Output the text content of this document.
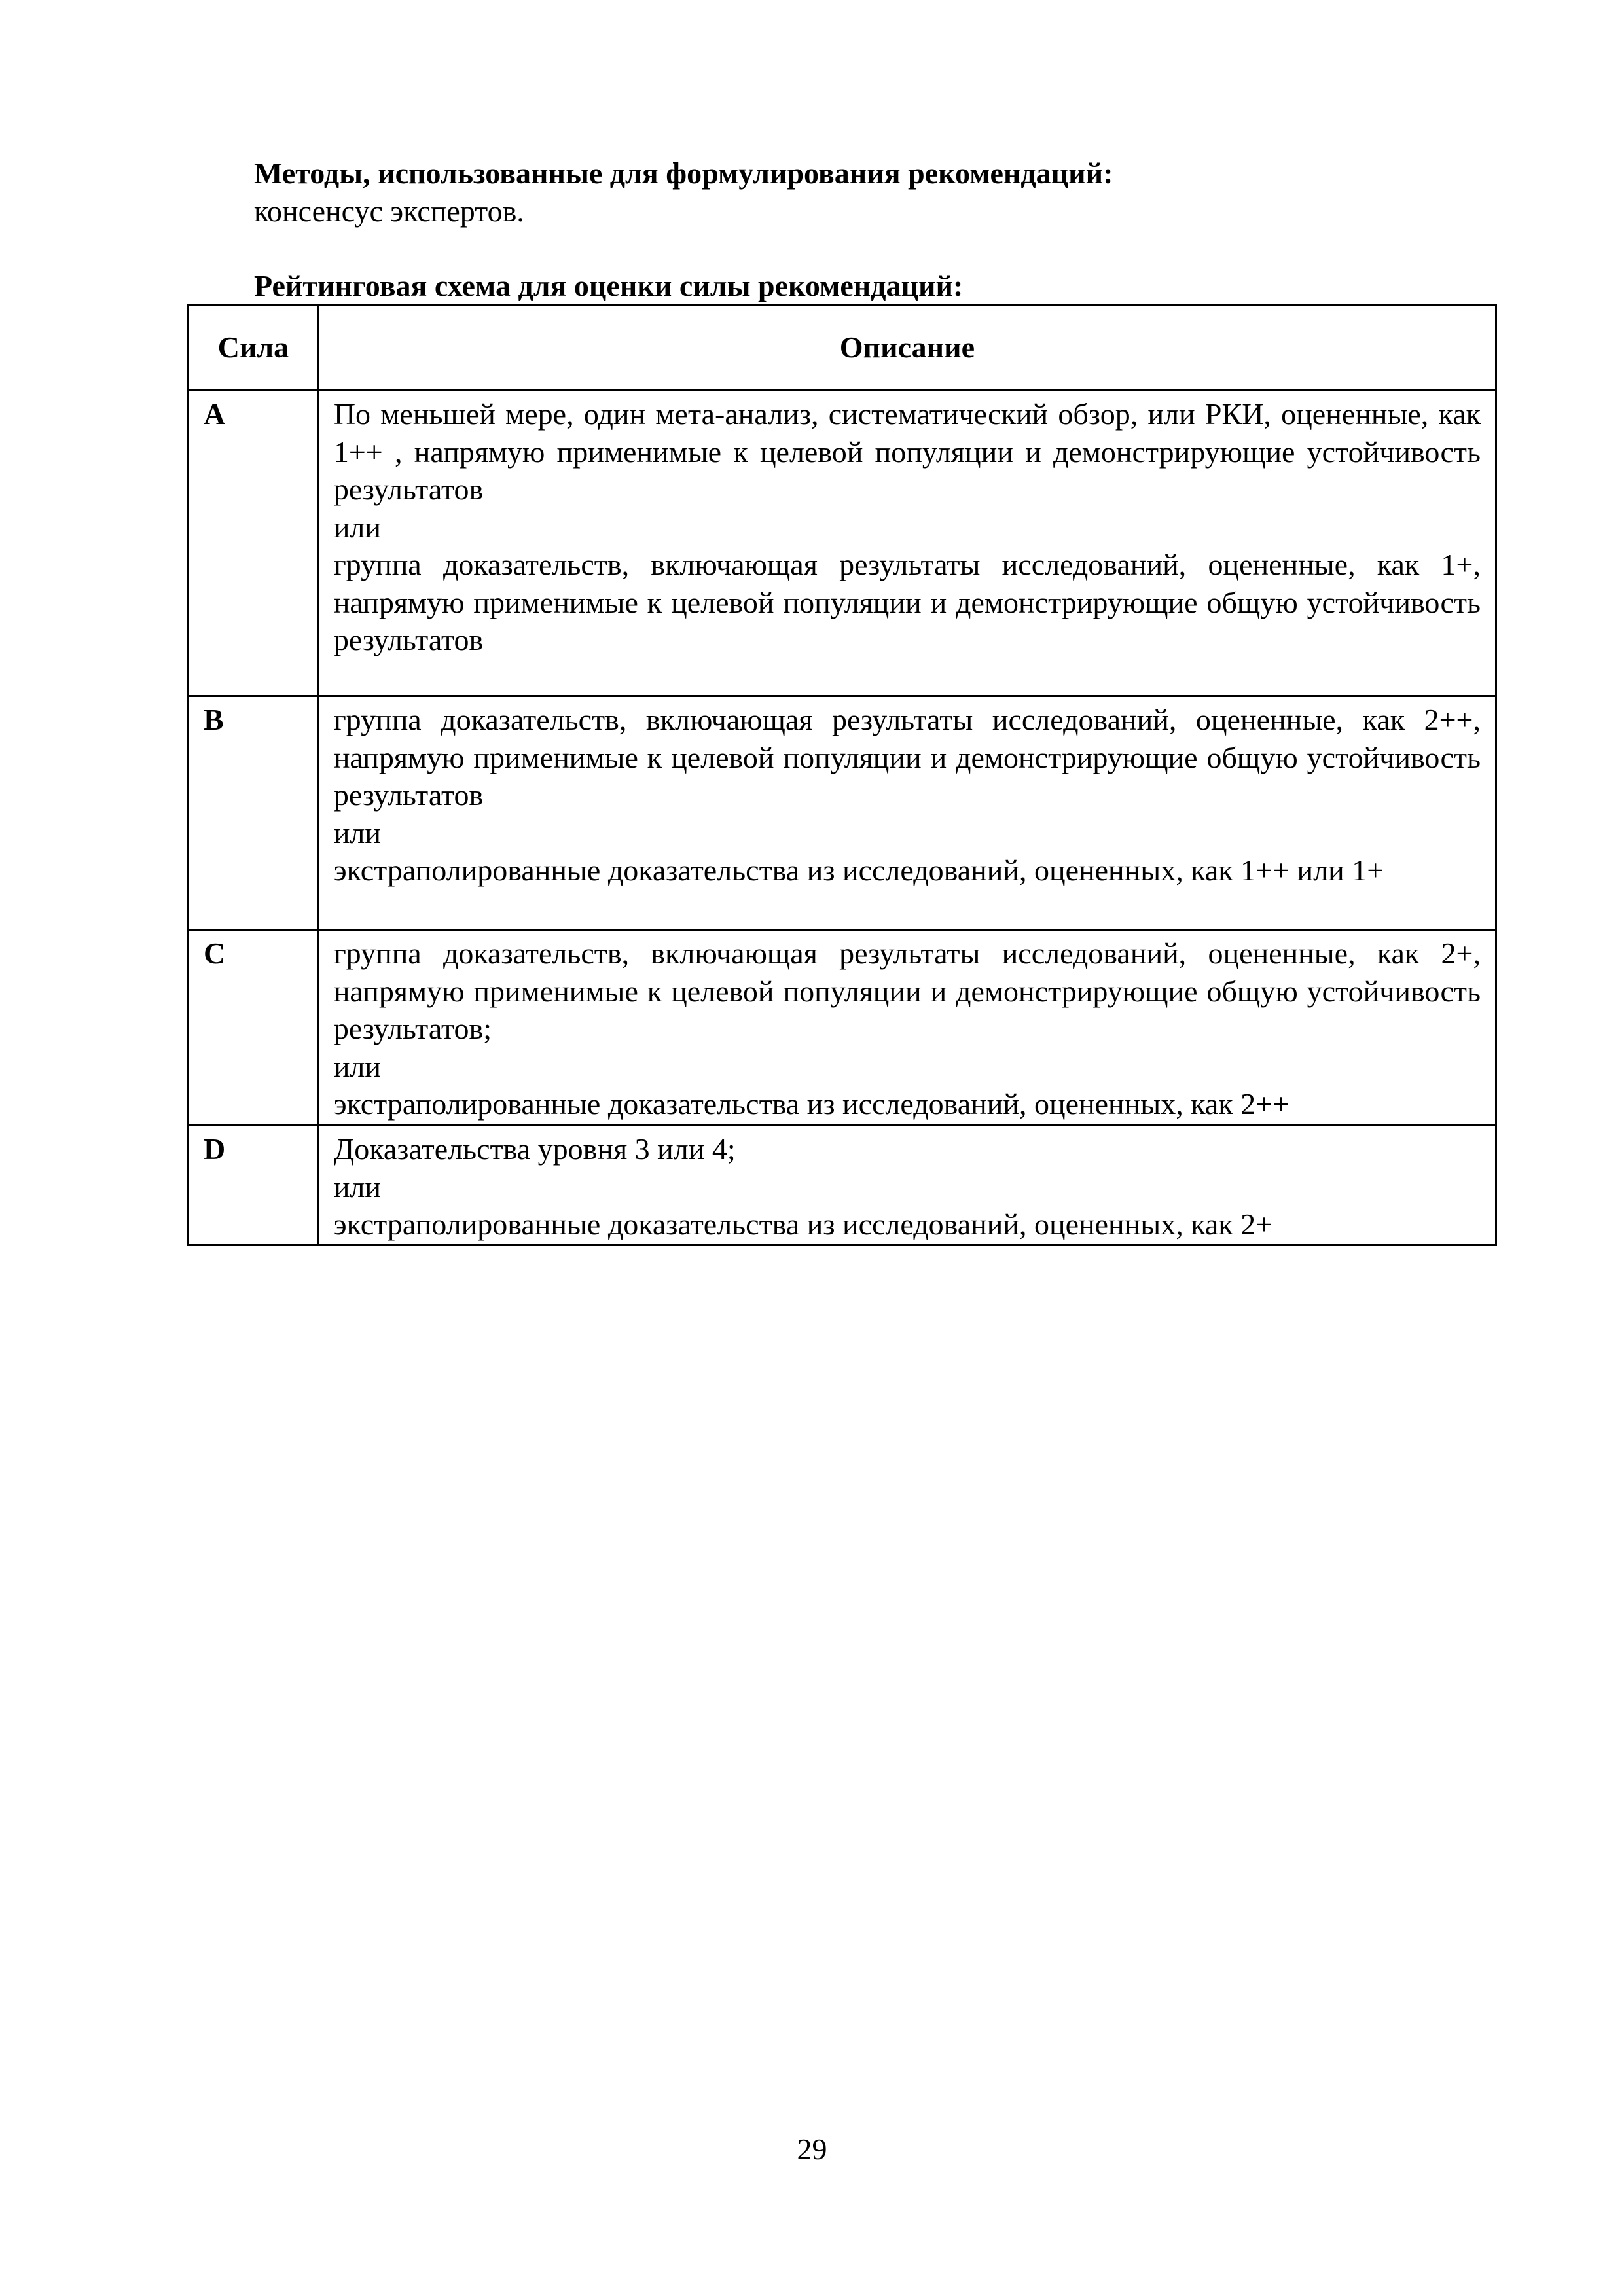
Методы, использованные для формулирования рекомендаций:
консенсус экспертов.
Рейтинговая схема для оценки силы рекомендаций:
Сила	Описание
A	По меньшей мере, один мета-анализ, систематический обзор, или РКИ, оцененные, как 1++ , напрямую применимые к целевой популяции и демонстрирующие устойчивость результатов

или

группа доказательств, включающая результаты исследований, оцененные, как 1+, напрямую применимые к целевой популяции и демонстрирующие общую устойчивость результатов

B	группа доказательств, включающая результаты исследований, оцененные, как 2++, напрямую применимые к целевой популяции и демонстрирующие общую устойчивость результатов

или

экстраполированные доказательства из исследований, оцененных, как 1++ или 1+

C	группа доказательств, включающая результаты исследований, оцененные, как 2+, напрямую применимые к целевой популяции и демонстрирующие общую устойчивость результатов;

или

экстраполированные доказательства из исследований, оцененных, как 2++

D	Доказательства уровня 3 или 4;

или

экстраполированные доказательства из исследований, оцененных, как 2+

29
